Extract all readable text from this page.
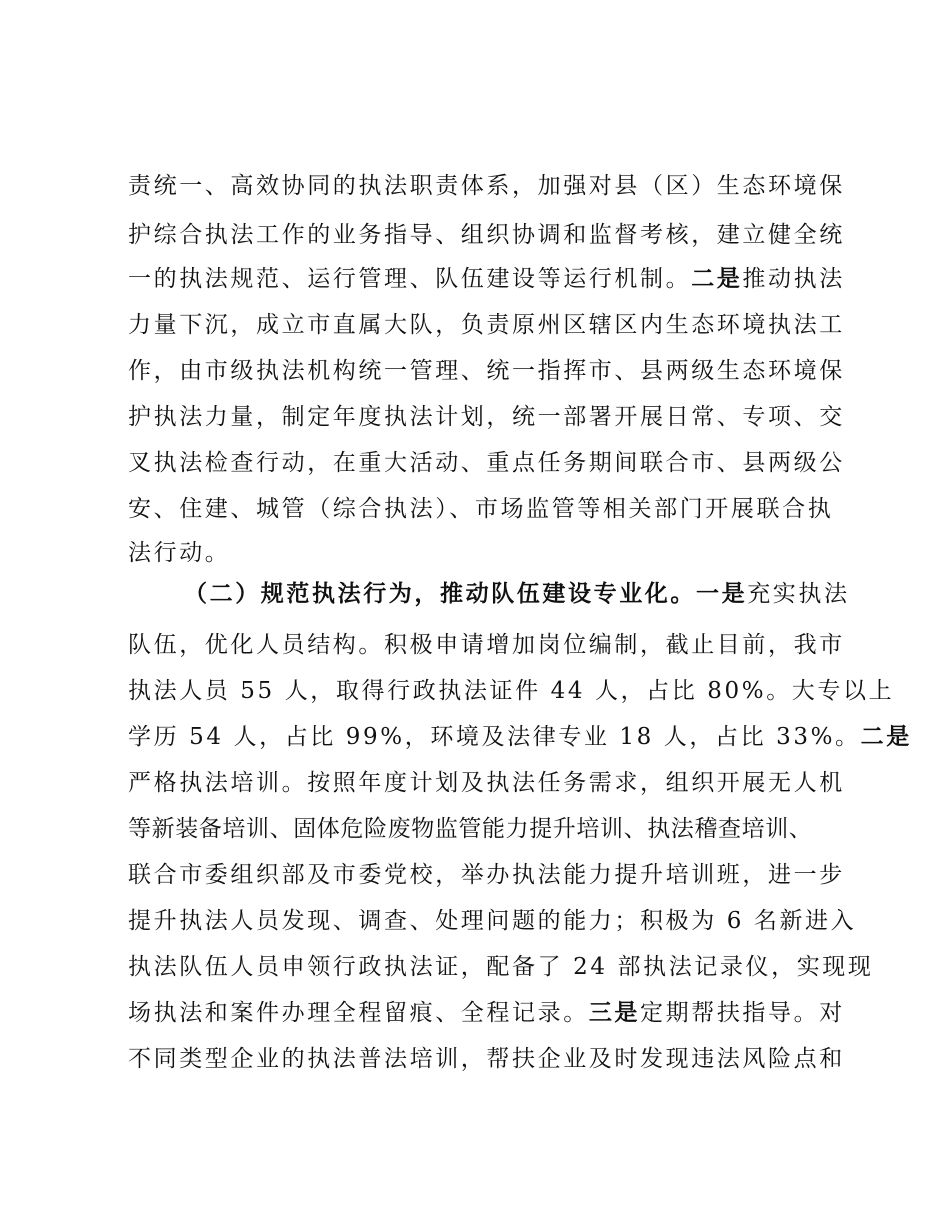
责统一、高效协同的执法职责体系，加强对县（区）生态环境保
护综合执法工作的业务指导、组织协调和监督考核，建立健全统
一的执法规范、运行管理、队伍建设等运行机制。二是推动执法
力量下沉，成立市直属大队，负责原州区辖区内生态环境执法工
作，由市级执法机构统一管理、统一指挥市、县两级生态环境保
护执法力量，制定年度执法计划，统一部署开展日常、专项、交
叉执法检查行动，在重大活动、重点任务期间联合市、县两级公
安、住建、城管（综合执法）、市场监管等相关部门开展联合执
法行动。
（二）规范执法行为，推动队伍建设专业化。一是充实执法
队伍，优化人员结构。积极申请增加岗位编制，截止目前，我市
执法人员 55 人，取得行政执法证件 44 人，占比 80%。大专以上
学历 54 人，占比 99%，环境及法律专业 18 人，占比 33%。二是
严格执法培训。按照年度计划及执法任务需求，组织开展无人机
等新装备培训、固体危险废物监管能力提升培训、执法稽查培训、
联合市委组织部及市委党校，举办执法能力提升培训班，进一步
提升执法人员发现、调查、处理问题的能力；积极为 6 名新进入
执法队伍人员申领行政执法证，配备了 24 部执法记录仪，实现现
场执法和案件办理全程留痕、全程记录。三是定期帮扶指导。对
不同类型企业的执法普法培训，帮扶企业及时发现违法风险点和
